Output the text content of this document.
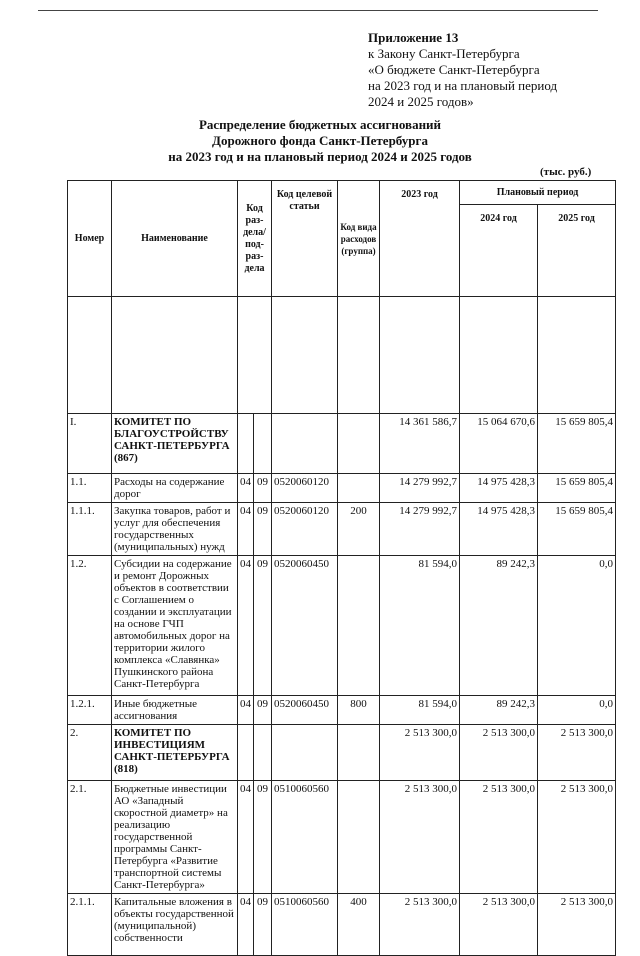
Приложение 13
к Закону Санкт-Петербурга
«О бюджете Санкт-Петербурга
на 2023 год и на плановый период
2024 и 2025 годов»
Распределение бюджетных ассигнований
Дорожного фонда Санкт-Петербурга
на 2023 год и на плановый период 2024 и 2025 годов
(тыс. руб.)
Номер	Наименование	Код раз- дела/ под- раз- дела		Код целевой статьи	Код вида расходов (группа)	2023 год	Плановый период	
							2024 год	2025 год

I.	КОМИТЕТ ПО БЛАГОУСТРОЙСТВУ САНКТ-ПЕТЕРБУРГА (867)					14 361 586,7	15 064 670,6	15 659 805,4
1.1.	Расходы на содержание дорог	04	09	0520060120		14 279 992,7	14 975 428,3	15 659 805,4
1.1.1.	Закупка товаров, работ и услуг для обеспечения государственных (муниципальных) нужд	04	09	0520060120	200	14 279 992,7	14 975 428,3	15 659 805,4
1.2.	Субсидии на содержание и ремонт Дорожных объектов в соответствии с Соглашением о создании и эксплуатации на основе ГЧП автомобильных дорог на территории жилого комплекса «Славянка» Пушкинского района Санкт-Петербурга	04	09	0520060450		81 594,0	89 242,3	0,0
1.2.1.	Иные бюджетные ассигнования	04	09	0520060450	800	81 594,0	89 242,3	0,0
2.	КОМИТЕТ ПО ИНВЕСТИЦИЯМ САНКТ-ПЕТЕРБУРГА (818)					2 513 300,0	2 513 300,0	2 513 300,0
2.1.	Бюджетные инвестиции АО «Западный скоростной диаметр» на реализацию государственной программы Санкт-Петербурга «Развитие транспортной системы Санкт-Петербурга»	04	09	0510060560		2 513 300,0	2 513 300,0	2 513 300,0
2.1.1.	Капитальные вложения в объекты государственной (муниципальной) собственности	04	09	0510060560	400	2 513 300,0	2 513 300,0	2 513 300,0
